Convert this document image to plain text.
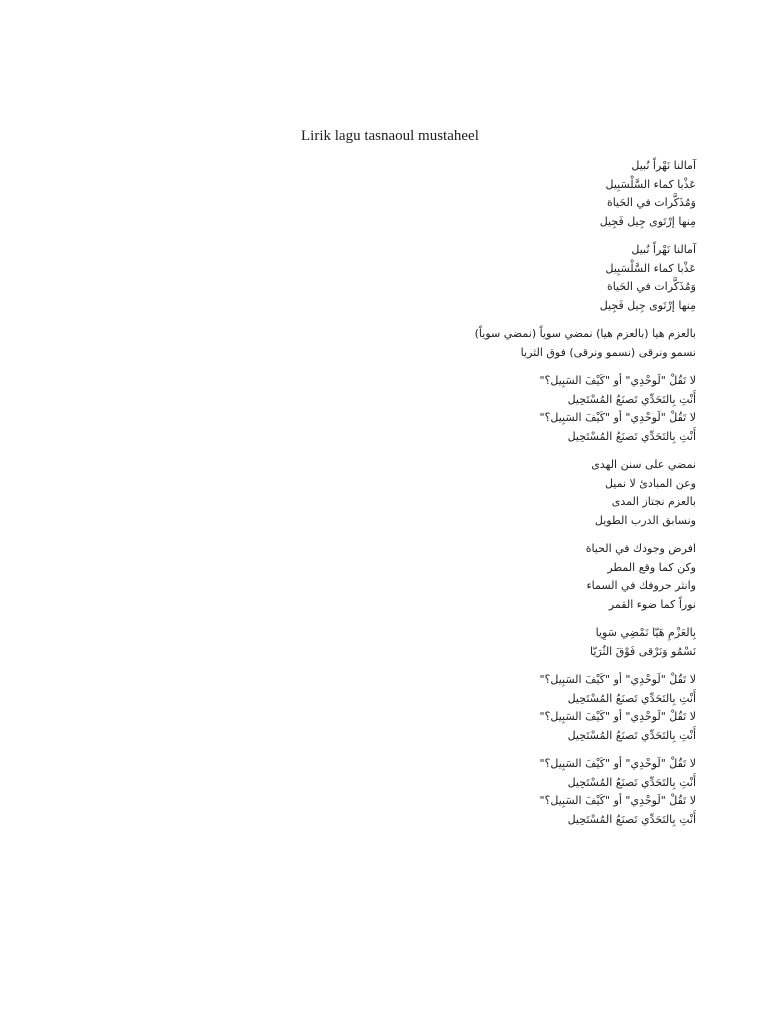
Lirik lagu tasnaoul mustaheel
آمالنا نَهْراً نُبيل
عَذْبا كماء السَّلْسَبِيل
وَمُذَكَّرات في الحَياة
مِنها إرْتَوى جِيل فَجِيل
آمالنا نَهْراً نُبيل
عَذْبا كماء السَّلْسَبِيل
وَمُذَكَّرات في الحَياة
مِنها إرْتَوى جِيل فَجِيل
بالعزم هيا (بالعزم هيا) نمضي سوياً (نمضي سوياً)
نسمو ونرقى (نسمو ونرقى) فوق الثريا
لا تَقُلْ "لَوحْدِي" أو "كَيْفَ السَبِيل؟"
أَنْتِ بِالتَحَدِّي تَصنَعُ المُسْتَحِيل
لا تَقُلْ "لَوحْدِي" أو "كَيْفَ السَبِيل؟"
أَنْتِ بِالتَحَدِّي تَصنَعُ المُسْتَحِيل
نمضي على سنن الهدى
وعن المبادئ لا نميل
بالعزم نجتاز المدى
ونسابق الدرب الطويل
افرض وجودك في الحياة
وكن كما وقع المطر
وانثر حروفك في السماء
نوراً كما ضوء القمر
بِالعَزْمِ هَيّا نَمْضِي سَوِيا
نَسْمُو وَنَرْقى فَوْقَ الثُرَيّا
لا تَقُلْ "لَوحْدِي" أو "كَيْفَ السَبِيل؟"
أَنْتِ بِالتَحَدِّي تَصنَعُ المُسْتَحِيل
لا تَقُلْ "لَوحْدِي" أو "كَيْفَ السَبِيل؟"
أَنْتِ بِالتَحَدِّي تَصنَعُ المُسْتَحِيل
لا تَقُلْ "لَوحْدِي" أو "كَيْفَ السَبِيل؟"
أَنْتِ بِالتَحَدِّي تَصنَعُ المُسْتَحِيل
لا تَقُلْ "لَوحْدِي" أو "كَيْفَ السَبِيل؟"
أَنْتِ بِالتَحَدِّي تَصنَعُ المُسْتَحِيل
